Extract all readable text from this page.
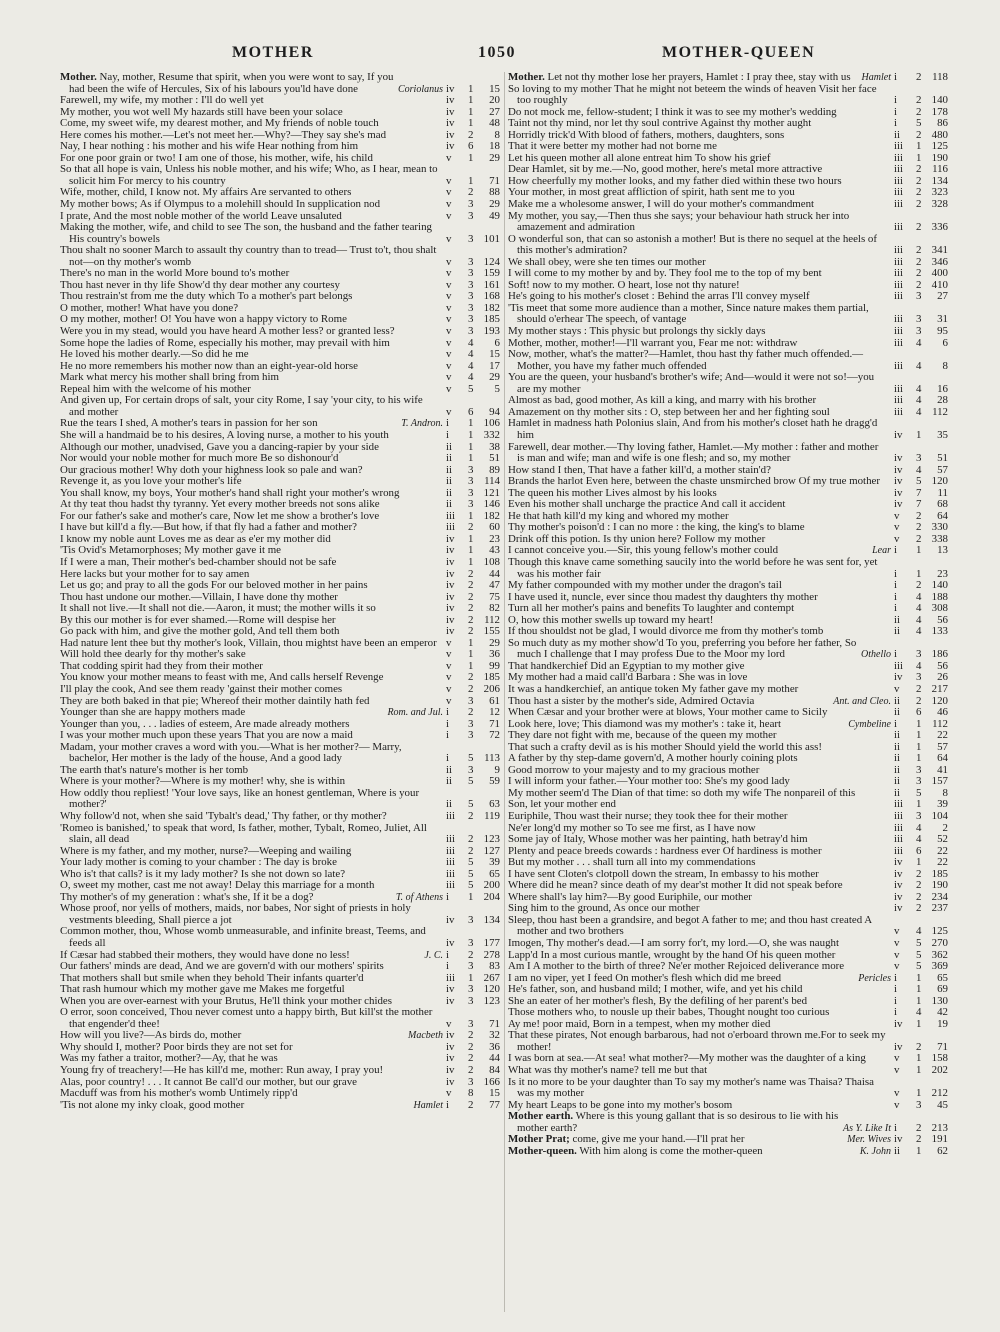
MOTHER	1050	MOTHER-QUEEN
Mother. Nay, mother, Resume that spirit, when you were wont to say, If you had been the wife of Hercules, Six of his labours you'ld have done	Coriolanus iv	1	15
Farewell, my wife, my mother : I'll do well yet	iv	1	20
My mother, you wot well My hazards still have been your solace	iv	1	27
Come, my sweet wife, my dearest mother, and My friends of noble touch	iv	1	48
Here comes his mother.—Let's not meet her.—Why?—They say she's mad	iv	2	8
Nay, I hear nothing : his mother and his wife Hear nothing from him	iv	6	18
For one poor grain or two! I am one of those, his mother, wife, his child	v	1	29
So that all hope is vain, Unless his noble mother, and his wife; Who, as I hear, mean to solicit him For mercy to his country	v	1	71
Wife, mother, child, I know not. My affairs Are servanted to others	v	2	88
My mother bows; As if Olympus to a molehill should In supplication nod	v	3	29
I prate, And the most noble mother of the world Leave unsaluted	v	3	49
Making the mother, wife, and child to see The son, the husband and the father tearing His country's bowels	v	3 101
Thou shalt no sooner March to assault thy country than to tread— Trust to't, thou shalt not—on thy mother's womb	v	3 124
There's no man in the world More bound to's mother	v	3 159
Thou hast never in thy life Show'd thy dear mother any courtesy	v	3 161
Thou restrain'st from me the duty which To a mother's part belongs	v	3 168
O mother, mother! What have you done?	v	3 182
O my mother, mother! O! You have won a happy victory to Rome	v	3 185
Were you in my stead, would you have heard A mother less? or granted less?	v	3 193
Some hope the ladies of Rome, especially his mother, may prevail with him	v	4	6
He loved his mother dearly.—So did he me	v	4	15
He no more remembers his mother now than an eight-year-old horse	v	4	17
Mark what mercy his mother shall bring from him	v	4	29
Repeal him with the welcome of his mother	v	5	5
And given up, For certain drops of salt, your city Rome, I say 'your city, to his wife and mother	v	6	94
Rue the tears I shed, A mother's tears in passion for her son	T. Andron. i	1 106
She will a handmaid be to his desires, A loving nurse, a mother to his youth	i	1 332
Although our mother, unadvised, Gave you a dancing-rapier by your side	ii	1	38
Nor would your noble mother for much more Be so dishonour'd	ii	1	51
Our gracious mother! Why doth your highness look so pale and wan?	ii	3	89
Revenge it, as you love your mother's life	ii	3 114
You shall know, my boys, Your mother's hand shall right your mother's wrong	ii	3 121
At thy teat thou hadst thy tyranny. Yet every mother breeds not sons alike	ii	3 146
For our father's sake and mother's care, Now let me show a brother's love	iii	1 182
I have but kill'd a fly.—But how, if that fly had a father and mother?	iii	2	60
I know my noble aunt Loves me as dear as e'er my mother did	iv	1	23
'Tis Ovid's Metamorphoses; My mother gave it me	iv	1	43
If I were a man, Their mother's bed-chamber should not be safe	iv	1 108
Here lacks but your mother for to say amen	iv	2	44
Let us go; and pray to all the gods For our beloved mother in her pains	iv	2	47
Thou hast undone our mother.—Villain, I have done thy mother	iv	2	75
It shall not live.—It shall not die.—Aaron, it must; the mother wills it so	iv	2	82
By this our mother is for ever shamed.—Rome will despise her	iv	2 112
Go pack with him, and give the mother gold, And tell them both	iv	2 155
Had nature lent thee but thy mother's look, Villain, thou mightst have been an emperor v	1	29
Will hold thee dearly for thy mother's sake	v	1	36
That codding spirit had they from their mother	v	1	99
You know your mother means to feast with me, And calls herself Revenge	v	2 185
I'll play the cook, And see them ready 'gainst their mother comes	v	2 206
They are both baked in that pie; Whereof their mother daintily hath fed	v	3	61
Younger than she are happy mothers made	Rom. and Jul. i	2	12
Younger than you, . . . ladies of esteem, Are made already mothers	i	3	71
I was your mother much upon these years That you are now a maid	i	3	72
Madam, your mother craves a word with you.—What is her mother?— Marry, bachelor, Her mother is the lady of the house, And a good lady	i	5 113
The earth that's nature's mother is her tomb	ii	3	9
Where is your mother?—Where is my mother! why, she is within	ii	5	59
How oddly thou repliest! 'Your love says, like an honest gentleman, Where is your mother?'	ii	5	63
Why follow'd not, when she said 'Tybalt's dead,' Thy father, or thy mother?	iii	2 119
'Romeo is banished,' to speak that word, Is father, mother, Tybalt, Romeo, Juliet, All slain, all dead	iii	2 123
Where is my father, and my mother, nurse?—Weeping and wailing	iii	2 127
Your lady mother is coming to your chamber : The day is broke	iii	5	39
Who is't that calls? is it my lady mother? Is she not down so late?	iii	5	65
O, sweet my mother, cast me not away! Delay this marriage for a month	iii	5 200
Thy mother's of my generation : what's she, If it be a dog?	T. of Athens i	1 204
Whose proof, nor yells of mothers, maids, nor babes, Nor sight of priests in holy vestments bleeding, Shall pierce a jot	iv	3 134
Common mother, thou, Whose womb unmeasurable, and infinite breast, Teems, and feeds all	iv	3 177
If Cæsar had stabbed their mothers, they would have done no less!	J. C. i	2 278
Our fathers' minds are dead, And we are govern'd with our mothers' spirits	i	3	83
That mothers shall but smile when they behold Their infants quarter'd	iii	1 267
That rash humour which my mother gave me Makes me forgetful	iv	3 120
When you are over-earnest with your Brutus, He'll think your mother chides	iv	3 123
O error, soon conceived, Thou never comest unto a happy birth, But kill'st the mother that engender'd thee!	v	3	71
How will you live?—As birds do, mother	Macbeth iv	2	32
Why should I, mother? Poor birds they are not set for	iv	2	36
Was my father a traitor, mother?—Ay, that he was	iv	2	44
Young fry of treachery!—He has kill'd me, mother: Run away, I pray you!	iv	2	84
Alas, poor country! . . . It cannot Be call'd our mother, but our grave	iv	3 166
Macduff was from his mother's womb Untimely ripp'd	v	8	15
'Tis not alone my inky cloak, good mother	Hamlet i	2	77
Mother. Let not thy mother lose her prayers, Hamlet : I pray thee, stay with us	Hamlet i	2 118
So loving to my mother That he might not beteem the winds of heaven Visit her face too roughly	i	2 140
Do not mock me, fellow-student; I think it was to see my mother's wedding	i	2 178
Taint not thy mind, nor let thy soul contrive Against thy mother aught	i	5	86
Horridly trick'd With blood of fathers, mothers, daughters, sons	ii	2 480
That it were better my mother had not borne me	iii	1 125
Let his queen mother all alone entreat him To show his grief	iii	1 190
Dear Hamlet, sit by me.—No, good mother, here's metal more attractive	iii	2 116
How cheerfully my mother looks, and my father died within these two hours	iii	2 134
Your mother, in most great affliction of spirit, hath sent me to you	iii	2 323
Make me a wholesome answer, I will do your mother's commandment	iii	2 328
My mother, you say,—Then thus she says; your behaviour hath struck her into amazement and admiration	iii	2 336
O wonderful son, that can so astonish a mother! But is there no sequel at the heels of this mother's admiration?	iii	2 341
We shall obey, were she ten times our mother	iii	2 346
I will come to my mother by and by. They fool me to the top of my bent	iii	2 400
Soft! now to my mother. O heart, lose not thy nature!	iii	2 410
He's going to his mother's closet : Behind the arras I'll convey myself	iii	3	27
'Tis meet that some more audience than a mother, Since nature makes them partial, should o'erhear The speech, of vantage	iii	3	31
My mother stays : This physic but prolongs thy sickly days	iii	3	95
Mother, mother, mother!—I'll warrant you, Fear me not: withdraw	iii	4	6
Now, mother, what's the matter?—Hamlet, thou hast thy father much offended.—Mother, you have my father much offended	iii	4	8
You are the queen, your husband's brother's wife; And—would it were not so!—you are my mother	iii	4	16
Almost as bad, good mother, As kill a king, and marry with his brother	iii	4	28
Amazement on thy mother sits : O, step between her and her fighting soul	iii	4 112
Hamlet in madness hath Polonius slain, And from his mother's closet hath he dragg'd him	iv	1	35
Farewell, dear mother.—Thy loving father, Hamlet.—My mother : father and mother is man and wife; man and wife is one flesh; and so, my mother	iv	3	51
How stand I then, That have a father kill'd, a mother stain'd?	iv	4	57
Brands the harlot Even here, between the chaste unsmirched brow Of my true mother	iv	5 120
The queen his mother Lives almost by his looks	iv	7	11
Even his mother shall uncharge the practice And call it accident	iv	7	68
He that hath kill'd my king and whored my mother	v	2	64
Thy mother's poison'd : I can no more : the king, the king's to blame	v	2 330
Drink off this potion. Is thy union here? Follow my mother	v	2 338
I cannot conceive you.—Sir, this young fellow's mother could	Lear i	1	13
Though this knave came something saucily into the world before he was sent for, yet was his mother fair	i	1	23
My father compounded with my mother under the dragon's tail	i	2 140
I have used it, nuncle, ever since thou madest thy daughters thy mother	i	4 188
Turn all her mother's pains and benefits To laughter and contempt	i	4 308
O, how this mother swells up toward my heart!	ii	4	56
If thou shouldst not be glad, I would divorce me from thy mother's tomb	ii	4 133
So much duty as my mother show'd To you, preferring you before her father, So much I challenge that I may profess Due to the Moor my lord	Othello i	3 186
That handkerchief Did an Egyptian to my mother give	iii	4	56
My mother had a maid call'd Barbara : She was in love	iv	3	26
It was a handkerchief, an antique token My father gave my mother	v	2 217
Thou hast a sister by the mother's side, Admired Octavia	Ant. and Cleo. ii	2 120
When Cæsar and your brother were at blows, Your mother came to Sicily	ii	6	46
Look here, love; This diamond was my mother's : take it, heart	Cymbeline i	1 112
They dare not fight with me, because of the queen my mother	ii	1	22
That such a crafty devil as is his mother Should yield the world this ass!	ii	1	57
A father by thy step-dame govern'd, A mother hourly coining plots	ii	1	64
Good morrow to your majesty and to my gracious mother	ii	3	41
I will inform your father.—Your mother too: She's my good lady	ii	3 157
My mother seem'd The Dian of that time: so doth my wife The nonpareil of this	ii	5	8
Son, let your mother end	iii	1	39
Euriphile, Thou wast their nurse; they took thee for their mother	iii	3 104
Ne'er long'd my mother so To see me first, as I have now	iii	4	2
Some jay of Italy, Whose mother was her painting, hath betray'd him	iii	4	52
Plenty and peace breeds cowards : hardness ever Of hardiness is mother	iii	6	22
But my mother . . . shall turn all into my commendations	iv	1	22
I have sent Cloten's clotpoll down the stream, In embassy to his mother	iv	2 185
Where did he mean? since death of my dear'st mother It did not speak before	iv	2 190
Where shall's lay him?—By good Euriphile, our mother	iv	2 234
Sing him to the ground, As once our mother	iv	2 237
Sleep, thou hast been a grandsire, and begot A father to me; and thou hast created A mother and two brothers	v	4 125
Imogen, Thy mother's dead.—I am sorry for't, my lord.—O, she was naught	v	5 270
Lapp'd In a most curious mantle, wrought by the hand Of his queen mother	v	5 362
Am I A mother to the birth of three? Ne'er mother Rejoiced deliverance more	v	5 369
I am no viper, yet I feed On mother's flesh which did me breed	Pericles i	1	65
He's father, son, and husband mild; I mother, wife, and yet his child	i	1	69
She an eater of her mother's flesh, By the defiling of her parent's bed	i	1 130
Those mothers who, to nousle up their babes, Thought nought too curious	i	4	42
Ay me! poor maid, Born in a tempest, when my mother died	iv	1	19
That these pirates, Not enough barbarous, had not o'erboard thrown me.For to seek my mother!	iv	2	71
I was born at sea.—At sea! what mother?—My mother was the daughter of a king	v	1 158
What was thy mother's name? tell me but that	v	1 202
Is it no more to be your daughter than To say my mother's name was Thaisa? Thaisa was my mother	v	1 212
My heart Leaps to be gone into my mother's bosom	v	3	45
Mother earth. Where is this young gallant that is so desirous to lie with his mother earth?	As Y. Like It i	2 213
Mother Prat; come, give me your hand.—I'll prat her	Mer. Wives iv	2 191
Mother-queen. With him along is come the mother-queen	K. John ii	1	62
